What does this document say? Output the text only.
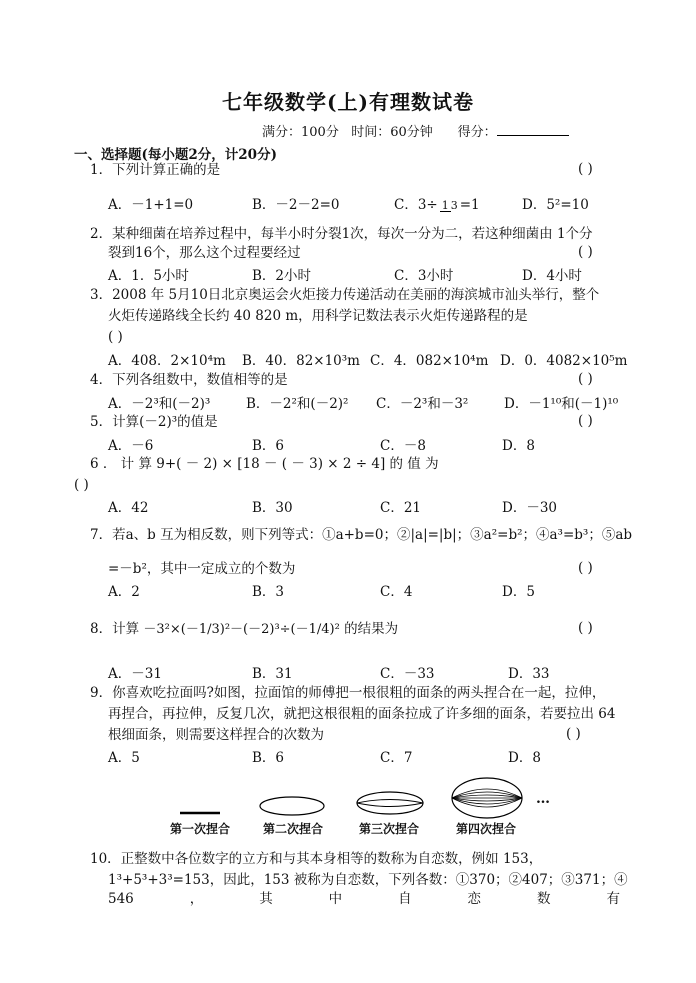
七年级数学(上)有理数试卷
满分：100分 时间：60分钟 得分：
一、选择题(每小题2分，计20分)
1．下列计算正确的是	( )
A．－1+1=0	B．－2－2=0	C．3÷ 1 3 =1	D．5²=10
2．某种细菌在培养过程中，每半小时分裂1次，每次一分为二，若这种细菌由 1个分
裂到16个，那么这个过程要经过	( )
A．1．5小时	B．2小时	C．3小时	D．4小时
3．2008 年 5月10日北京奥运会火炬接力传递活动在美丽的海滨城市汕头举行，整个
火炬传递路线全长约 40 820 m，用科学记数法表示火炬传递路程的是
( )
A．408．2×10⁴m	B．40．82×10³m C．4．082×10⁴m D．0．4082×10⁵m
4．下列各组数中，数值相等的是	( )
A．－2³和(－2)³	B．－2²和(－2)²	C．－2³和－3²	D．－1¹⁰和(－1)¹⁰
5．计算(－2)³的值是	( )
A．－6	B．6	C．－8	D．8
6 ． 计 算 9+( － 2) × [18 － ( － 3) × 2 ÷ 4] 的 值 为
( )
A．42	B．30	C．21	D．－30
7．若a、b 互为相反数，则下列等式：①a+b=0；②|a|=|b|；③a²=b²；④a³=b³；⑤ab
=－b²，其中一定成立的个数为	( )
A．2	B．3	C．4	D．5
8．计算 －3²×(－1/3)²－(－2)³÷(－1/4)² 的结果为	( )
A．－31	B．31	C．－33	D．33
9．你喜欢吃拉面吗?如图，拉面馆的师傅把一根很粗的面条的两头捏合在一起，拉伸，
再捏合，再拉伸，反复几次，就把这根很粗的面条拉成了许多细的面条，若要拉出 64
根细面条，则需要这样捏合的次数为	( )
A．5	B．6	C．7	D．8
…
第一次捏合	第二次捏合	第三次捏合	第四次捏合
10．正整数中各位数字的立方和与其本身相等的数称为自恋数，例如 153，
1³+5³+3³=153，因此，153 被称为自恋数，下列各数：①370；②407；③371；④
546	，	其	中	自	恋	数	有
